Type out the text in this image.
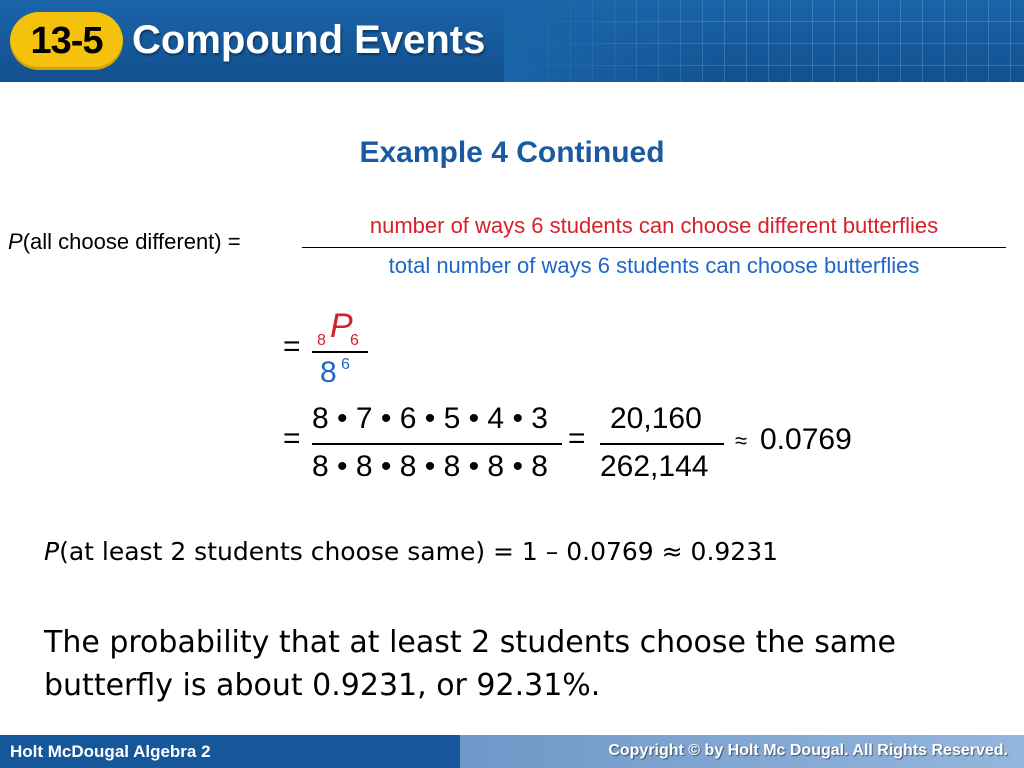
13-5 Compound Events
Example 4 Continued
P(all choose different) =
number of ways 6 students can choose different butterflies
total number of ways 6 students can choose butterflies
= 8 P
6
8 6
=
8 • 7 • 6 • 5 • 4 • 3
8 • 8 • 8 • 8 • 8 • 8
=
20,160
262,144
≈ 0.0769
P(at least 2 students choose same) = 1 – 0.0769 ≈ 0.9231
The probability that at least 2 students choose the same butterfly is about 0.9231, or 92.31%.
Holt McDougal Algebra 2	Copyright © by Holt Mc Dougal. All Rights Reserved.
